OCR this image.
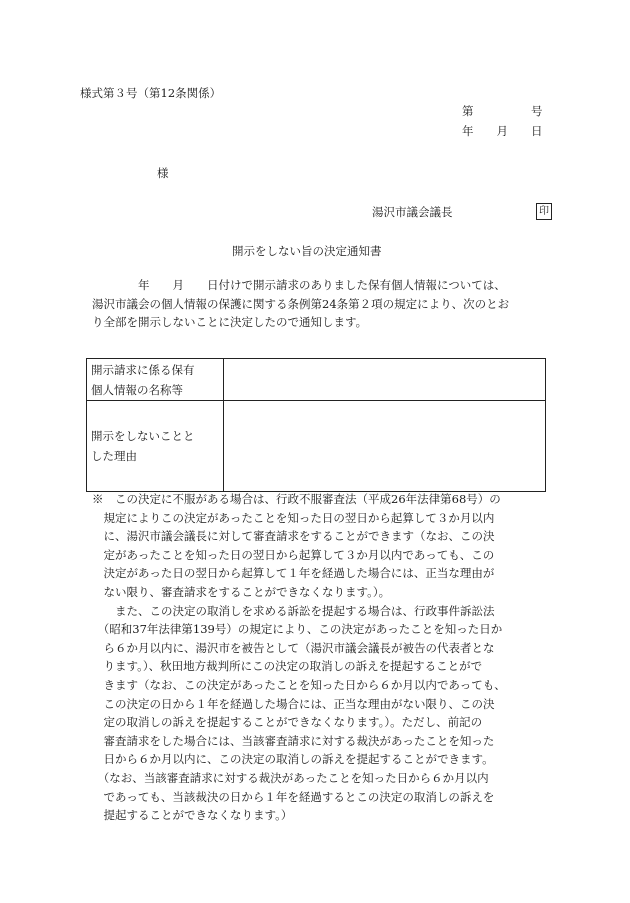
様式第３号（第12条関係）
第　　　　　号
年　　月　　日
様
湯沢市議会議長	印
開示をしない旨の決定通知書
　　　　年　　月　　日付けで開示請求のありました保有個人情報については、
湯沢市議会の個人情報の保護に関する条例第24条第２項の規定により、次のとお
り全部を開示しないことに決定したので通知します。
開示請求に係る保有
個人情報の名称等	

開示をしないことと
した理由	

※　この決定に不服がある場合は、行政不服審査法（平成26年法律第68号）の
　規定によりこの決定があったことを知った日の翌日から起算して３か月以内
　に、湯沢市議会議長に対して審査請求をすることができます（なお、この決
　定があったことを知った日の翌日から起算して３か月以内であっても、この
　決定があった日の翌日から起算して１年を経過した場合には、正当な理由が
　ない限り、審査請求をすることができなくなります。）。
　　また、この決定の取消しを求める訴訟を提起する場合は、行政事件訴訟法
　（昭和37年法律第139号）の規定により、この決定があったことを知った日か
　ら６か月以内に、湯沢市を被告として（湯沢市議会議長が被告の代表者とな
　ります。）、秋田地方裁判所にこの決定の取消しの訴えを提起することがで
　きます（なお、この決定があったことを知った日から６か月以内であっても、
　この決定の日から１年を経過した場合には、正当な理由がない限り、この決
　定の取消しの訴えを提起することができなくなります。）。ただし、前記の
　審査請求をした場合には、当該審査請求に対する裁決があったことを知った
　日から６か月以内に、この決定の取消しの訴えを提起することができます。
　（なお、当該審査請求に対する裁決があったことを知った日から６か月以内
　であっても、当該裁決の日から１年を経過するとこの決定の取消しの訴えを
　提起することができなくなります。）
